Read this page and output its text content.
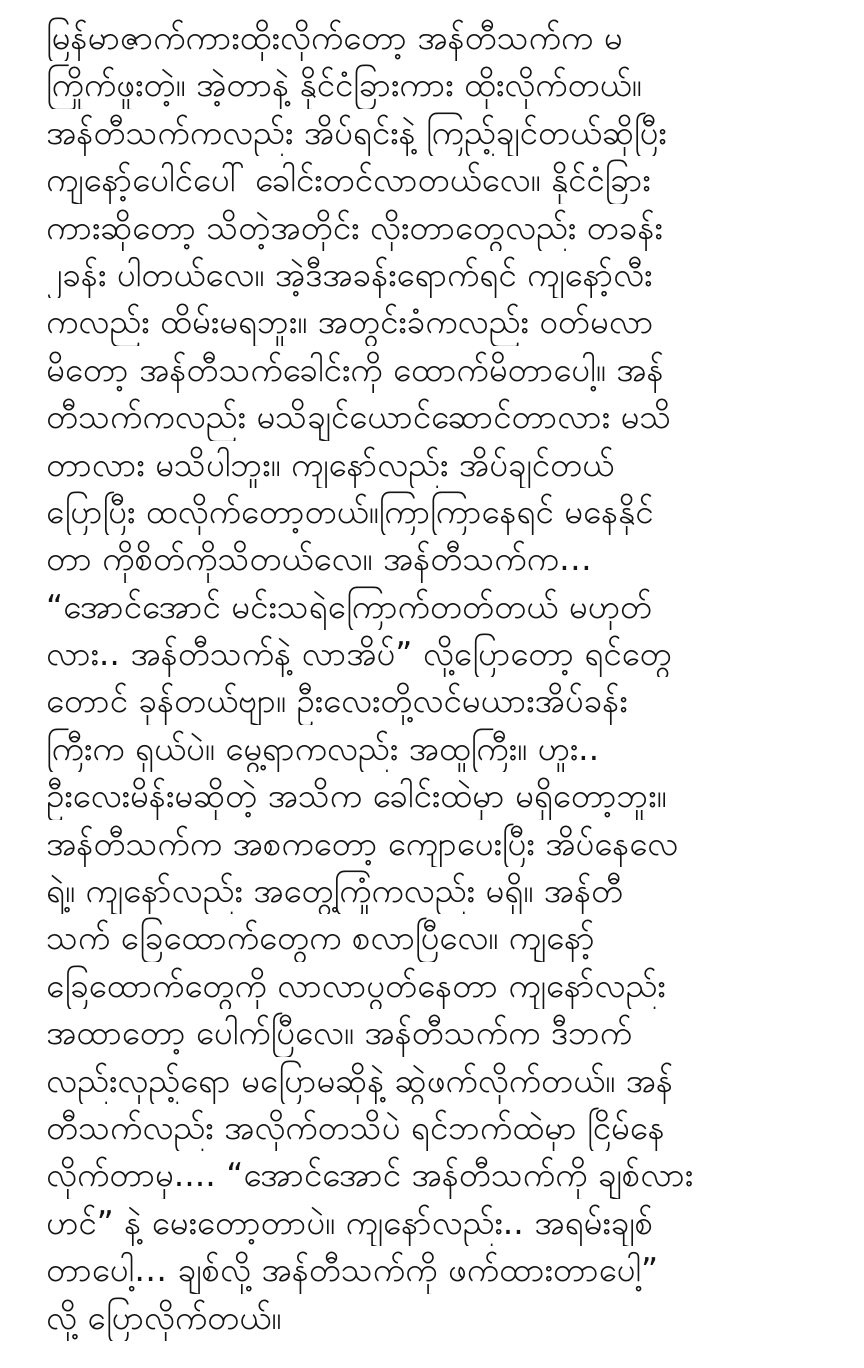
မြန်မာဇာက်ကားထိုးလိုက်တော့ အန်တီသက်က မ
ကြိုက်ဖူးတဲ့။ အဲ့တာနဲ့ နိုင်ငံခြားကား ထိုးလိုက်တယ်။
အန်တီသက်ကလည်း အိပ်ရင်းနဲ့ ကြည့်ချင်တယ်ဆိုပြီး
ကျနော့်ပေါင်ပေါ် ခေါင်းတင်လာတယ်လေ။ နိုင်ငံခြား
ကားဆိုတော့ သိတဲ့အတိုင်း လိုးတာတွေလည်း တခန်း
၂ခန်း ပါတယ်လေ။ အဲ့ဒီအခန်းရောက်ရင် ကျနော့်လီး
ကလည်း ထိမ်းမရဘူး။ အတွင်းခံကလည်း ဝတ်မလာ
မိတော့ အန်တီသက်ခေါင်းကို ထောက်မိတာပေါ့။ အန်
တီသက်ကလည်း မသိချင်ယောင်ဆောင်တာလား မသိ
တာလား မသိပါဘူး။ ကျနော်လည်း အိပ်ချင်တယ်
ပြောပြီး ထလိုက်တော့တယ်။ကြာကြာနေရင် မနေနိုင်
တာ ကိုစိတ်ကိုသိတယ်လေ။ အန်တီသက်က…
“အောင်အောင် မင်းသရဲကြောက်တတ်တယ် မဟုတ်
လား.. အန်တီသက်နဲ့ လာအိပ်” လို့ပြောတော့ ရင်တွေ
တောင် ခုန်တယ်ဗျာ။ ဦးလေးတို့လင်မယားအိပ်ခန်း
ကြီးက ရှယ်ပဲ။ မွေ့ရာကလည်း အထူကြီး။ ဟူး..
ဦးလေးမိန်းမဆိုတဲ့ အသိက ခေါင်းထဲမှာ မရှိတော့ဘူး။
အန်တီသက်က အစကတော့ ကျောပေးပြီး အိပ်နေလေ
ရဲ့။ ကျနော်လည်း အတွေ့ကြုံကလည်း မရှိ။ အန်တီ
သက် ခြေထောက်တွေက စလာပြီလေ။ ကျနော့်
ခြေထောက်တွေကို လာလာပွတ်နေတာ ကျနော်လည်း
အထာတော့ ပေါက်ပြီလေ။ အန်တီသက်က ဒီဘက်
လည်းလှည့်ရော မပြောမဆိုနဲ့ ဆွဲဖက်လိုက်တယ်။ အန်
တီသက်လည်း အလိုက်တသိပဲ ရင်ဘက်ထဲမှာ ငြိမ်နေ
လိုက်တာမှ.... “အောင်အောင် အန်တီသက်ကို ချစ်လား
ဟင်” နဲ့ မေးတော့တာပဲ။ ကျနော်လည်း.. အရမ်းချစ်
တာပေါ့… ချစ်လို့ အန်တီသက်ကို ဖက်ထားတာပေါ့”
လို့ ပြောလိုက်တယ်။
